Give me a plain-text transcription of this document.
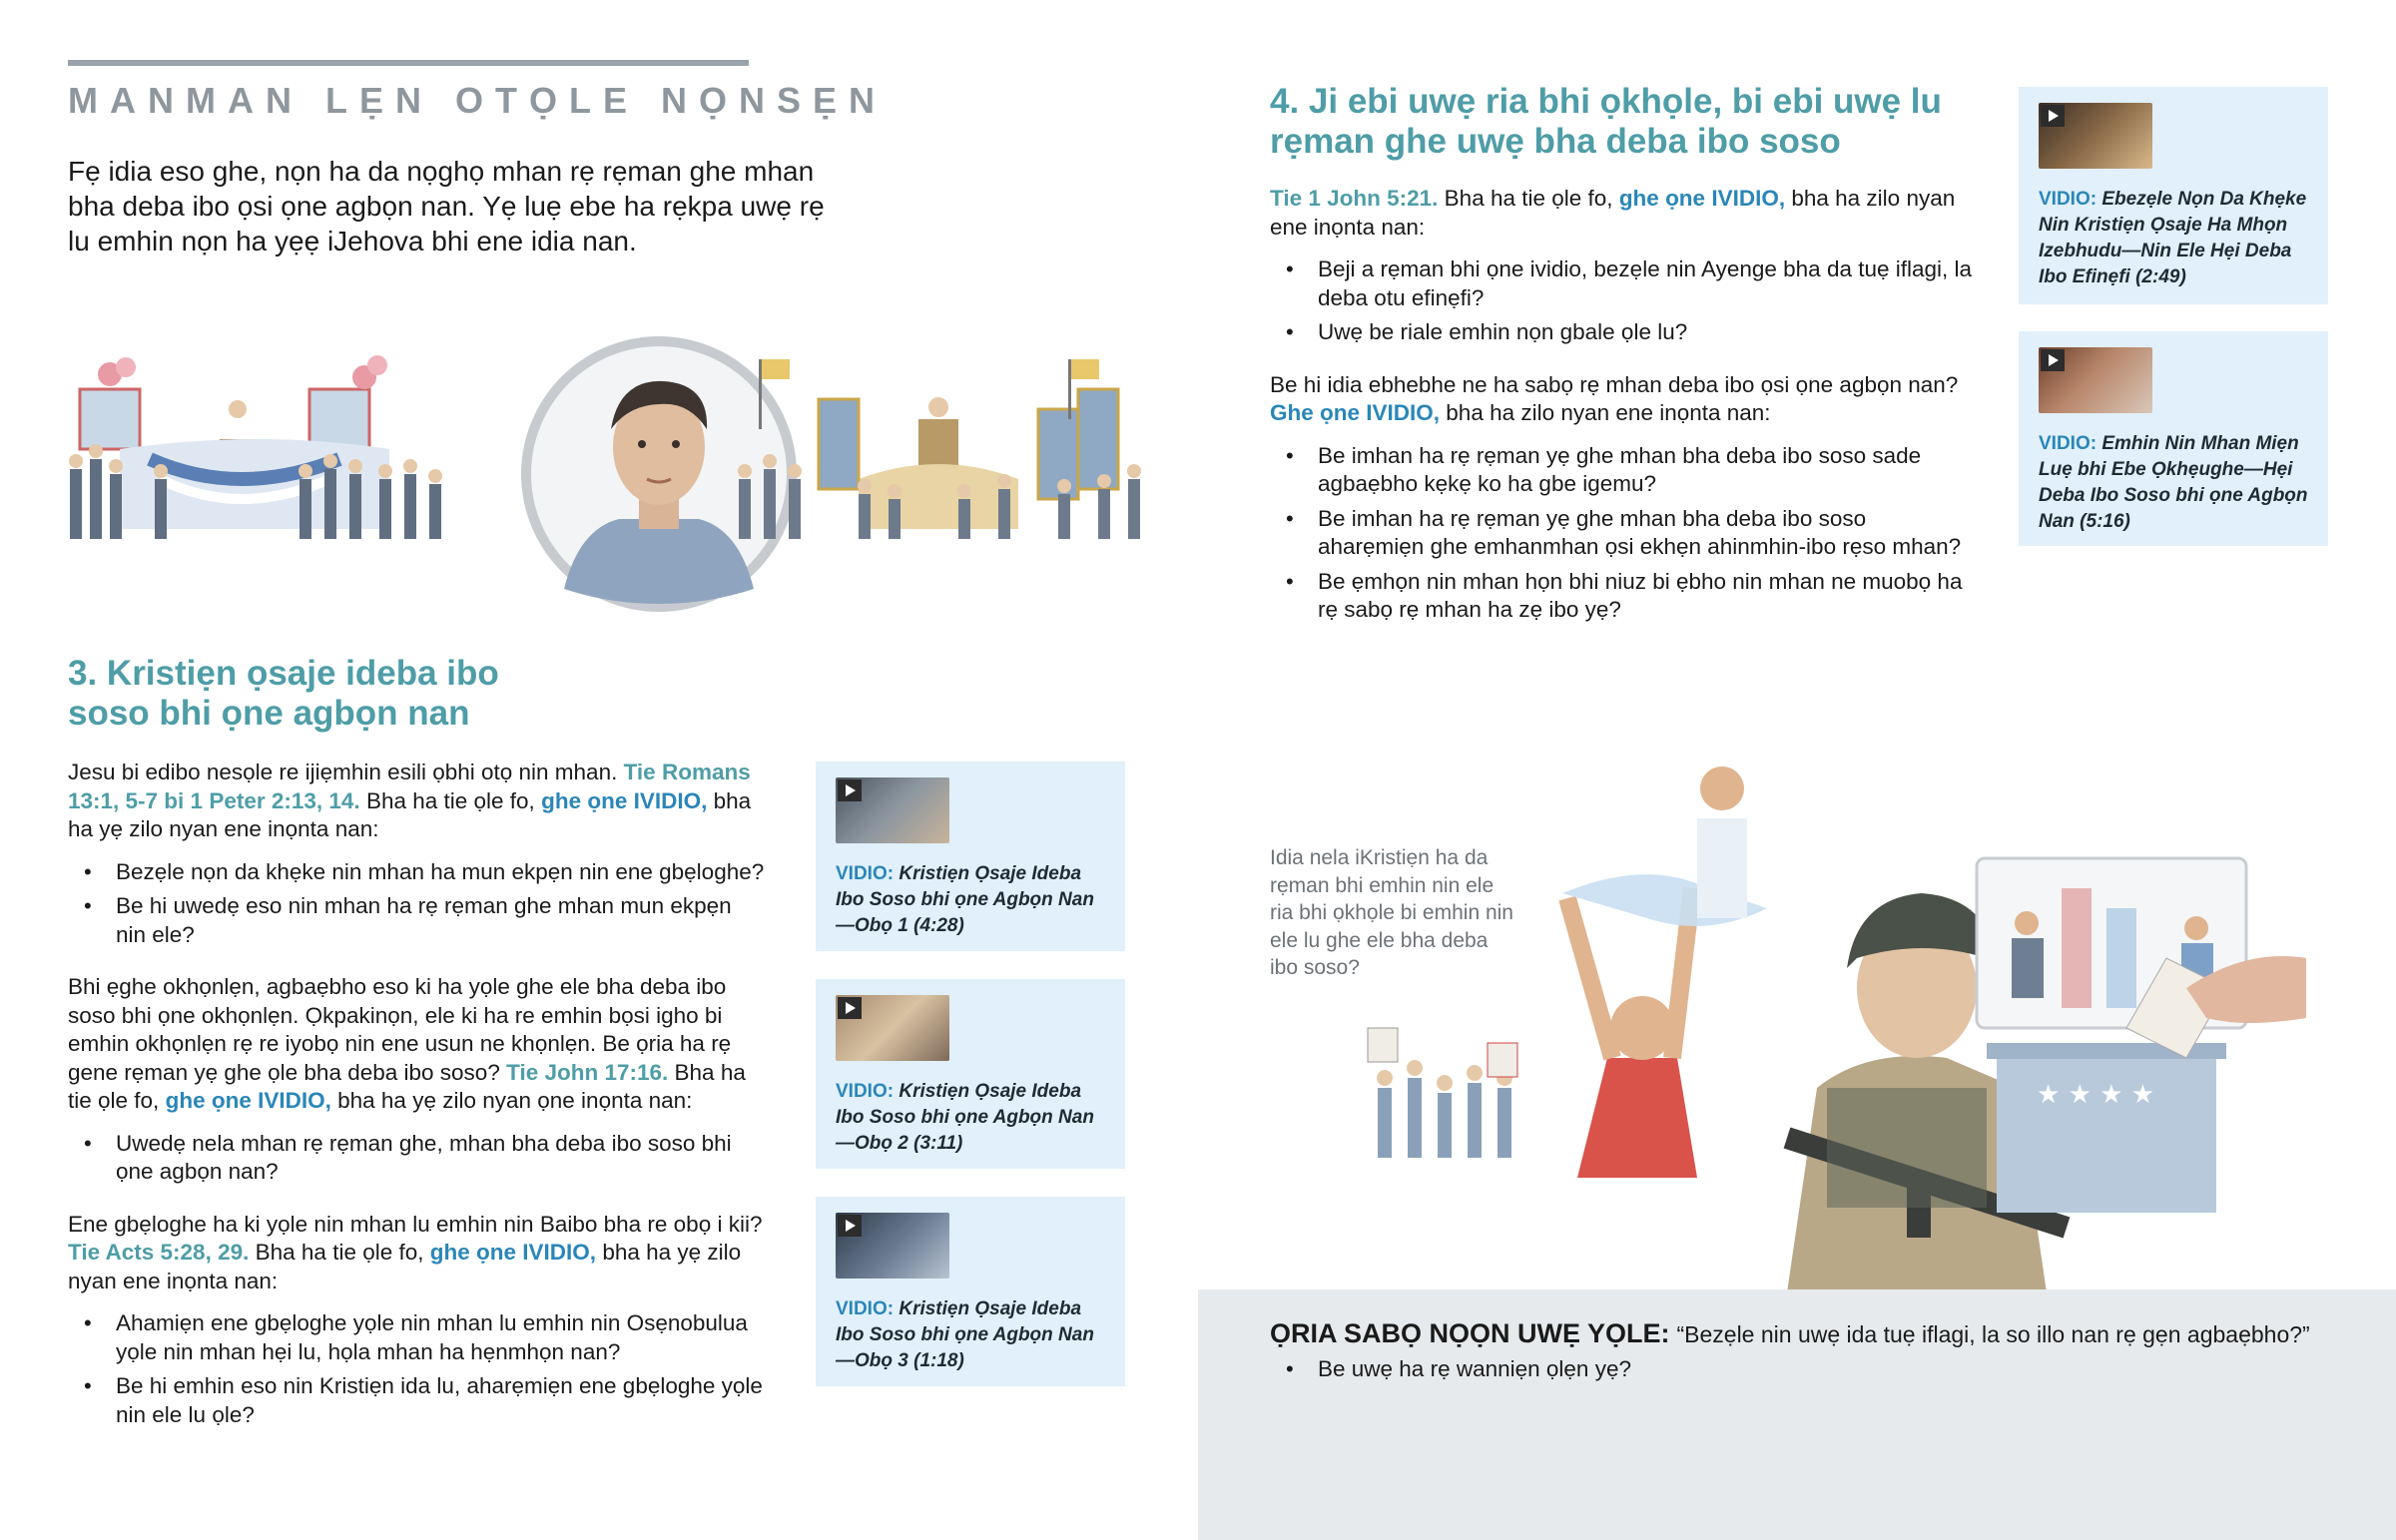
MANMAN LẸN OTỌLE NỌNSẸN
Fẹ idia eso ghe, nọn ha da nọghọ mhan rẹ rẹman ghe mhan bha deba ibo ọsi ọne agbọn nan. Yẹ luẹ ebe ha rẹkpa uwẹ rẹ lu emhin nọn ha yẹẹ iJehova bhi ene idia nan.
3. Kristiẹn ọsaje ideba ibo soso bhi ọne agbọn nan

Jesu bi edibo nesọle re ijiẹmhin esili ọbhi otọ nin mhan. Tie Romans 13:1, 5-7 bi 1 Peter 2:13, 14. Bha ha tie ọle fo, ghe ọne IVIDIO, bha ha yẹ zilo nyan ene inọnta nan:

• Bezẹle nọn da khẹke nin mhan ha mun ekpẹn nin ene gbẹloghe?
• Be hi uwedẹ eso nin mhan ha rẹ rẹman ghe mhan mun ekpẹn nin ele?

Bhi ẹghe okhọnlẹn, agbaẹbho eso ki ha yọle ghe ele bha deba ibo soso bhi ọne okhọnlẹn. Ọkpakinọn, ele ki ha re emhin bọsi igho bi emhin okhọnlẹn rẹ re iyobọ nin ene usun ne khọnlẹn. Be ọria ha rẹ gene rẹman yẹ ghe ọle bha deba ibo soso? Tie John 17:16. Bha ha tie ọle fo, ghe ọne IVIDIO, bha ha yẹ zilo nyan ọne inọnta nan:

• Uwedẹ nela mhan rẹ rẹman ghe, mhan bha deba ibo soso bhi ọne agbọn nan?

Ene gbẹloghe ha ki yọle nin mhan lu emhin nin Baibo bha re obọ i kii? Tie Acts 5:28, 29. Bha ha tie ọle fo, ghe ọne IVIDIO, bha ha yẹ zilo nyan ene inọnta nan:

• Ahamiẹn ene gbẹloghe yọle nin mhan lu emhin nin Osẹnobulua yọle nin mhan hẹi lu, họla mhan ha hẹnmhọn nan?
• Be hi emhin eso nin Kristiẹn ida lu, aharẹmiẹn ene gbẹloghe yọle nin ele lu ọle?
VIDIO: Kristiẹn Ọsaje Ideba Ibo Soso bhi ọne Agbọn Nan —Obọ 1 (4:28)
VIDIO: Kristiẹn Ọsaje Ideba Ibo Soso bhi ọne Agbọn Nan —Obọ 2 (3:11)
VIDIO: Kristiẹn Ọsaje Ideba Ibo Soso bhi ọne Agbọn Nan —Obọ 3 (1:18)
4. Ji ebi uwẹ ria bhi ọkhọle, bi ebi uwẹ lu rẹman ghe uwẹ bha deba ibo soso

Tie 1 John 5:21. Bha ha tie ọle fo, ghe ọne IVIDIO, bha ha zilo nyan ene inọnta nan:

• Beji a rẹman bhi ọne ividio, bezẹle nin Ayenge bha da tuẹ iflagi, la deba otu efinẹfi?
• Uwẹ be riale emhin nọn gbale ọle lu?

Be hi idia ebhebhe ne ha sabọ rẹ mhan deba ibo ọsi ọne agbọn nan? Ghe ọne IVIDIO, bha ha zilo nyan ene inọnta nan:

• Be imhan ha rẹ rẹman yẹ ghe mhan bha deba ibo soso sade agbaẹbho kẹkẹ ko ha gbe igemu?
• Be imhan ha rẹ rẹman yẹ ghe mhan bha deba ibo soso aharẹmiẹn ghe emhanmhan ọsi ekhẹn ahinmhin-ibo rẹso mhan?
• Be ẹmhọn nin mhan họn bhi niuz bi ẹbho nin mhan ne muobọ ha rẹ sabọ rẹ mhan ha zẹ ibo yẹ?
VIDIO: Ebezẹle Nọn Da Khẹke Nin Kristiẹn Ọsaje Ha Mhọn Izebhudu—Nin Ele Hẹi Deba Ibo Efinẹfi (2:49)
VIDIO: Emhin Nin Mhan Miẹn Luẹ bhi Ebe Ọkhẹughe—Hẹi Deba Ibo Soso bhi ọne Agbọn Nan (5:16)
Idia nela iKristiẹn ha da rẹman bhi emhin nin ele ria bhi ọkhọle bi emhin nin ele lu ghe ele bha deba ibo soso?
★ ★ ★ ★
ỌRIA SABỌ NỌỌN UWẸ YỌLE: “Bezẹle nin uwẹ ida tuẹ iflagi, la so illo nan rẹ gẹn agbaẹbho?”
• Be uwẹ ha rẹ wanniẹn ọlẹn yẹ?
